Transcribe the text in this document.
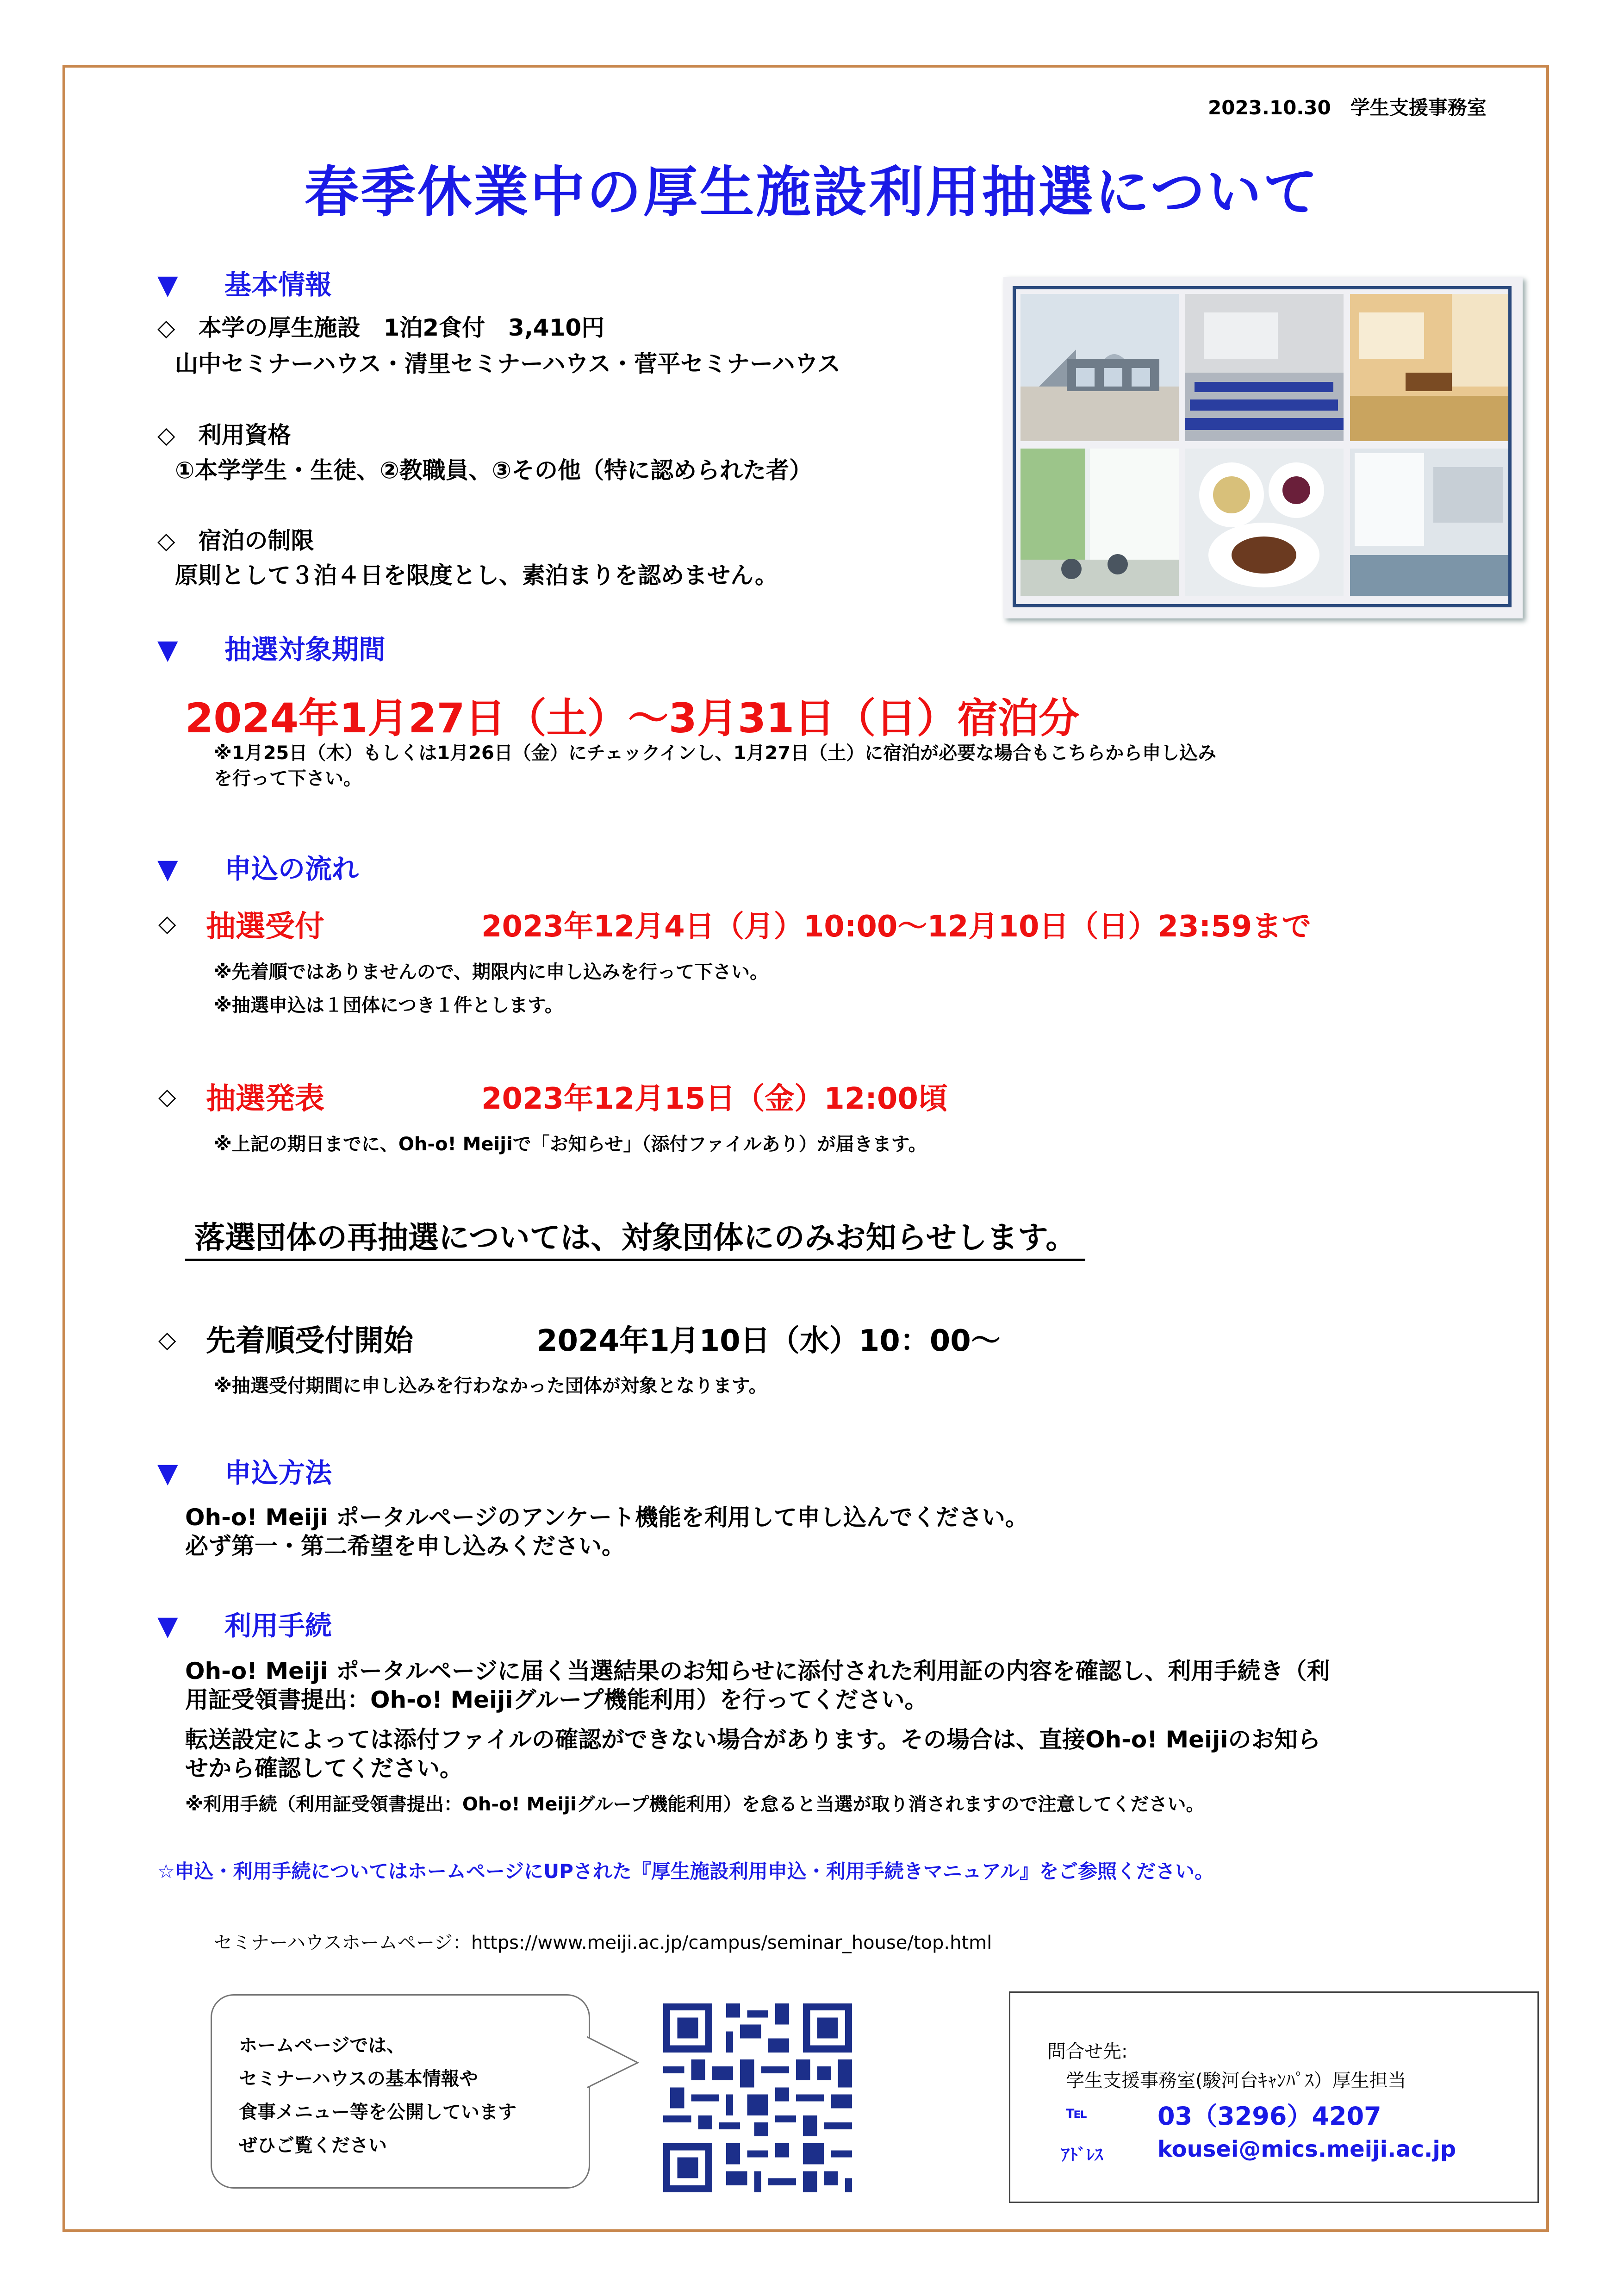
2023.10.30　学生支援事務室
春季休業中の厚生施設利用抽選について
▼ 基本情報
◇　本学の厚生施設　1泊2食付　3,410円
山中セミナーハウス・清里セミナーハウス・菅平セミナーハウス
◇　利用資格
①本学学生・生徒、②教職員、③その他（特に認められた者）
◇　宿泊の制限
原則として３泊４日を限度とし、素泊まりを認めません。
▼ 抽選対象期間
2024年1月27日（土）～3月31日（日）宿泊分
※1月25日（木）もしくは1月26日（金）にチェックインし、1月27日（土）に宿泊が必要な場合もこちらから申し込み
を行って下さい。
▼ 申込の流れ
◇ 抽選受付	2023年12月4日（月）10:00～12月10日（日）23:59まで
※先着順ではありませんので、期限内に申し込みを行って下さい。
※抽選申込は１団体につき１件とします。
◇ 抽選発表	2023年12月15日（金）12:00頃
※上記の期日までに、Oh-o! Meijiで「お知らせ」（添付ファイルあり）が届きます。
落選団体の再抽選については、対象団体にのみお知らせします。
◇ 先着順受付開始	2024年1月10日（水）10：00～
※抽選受付期間に申し込みを行わなかった団体が対象となります。
▼ 申込方法
Oh-o! Meiji ポータルページのアンケート機能を利用して申し込んでください。
必ず第一・第二希望を申し込みください。
▼ 利用手続
Oh-o! Meiji ポータルページに届く当選結果のお知らせに添付された利用証の内容を確認し、利用手続き（利
用証受領書提出：Oh-o! Meijiグループ機能利用）を行ってください。
転送設定によっては添付ファイルの確認ができない場合があります。その場合は、直接Oh-o! Meijiのお知ら
せから確認してください。
※利用手続（利用証受領書提出：Oh-o! Meijiグループ機能利用）を怠ると当選が取り消されますので注意してください。
☆申込・利用手続についてはホームページにUPされた『厚生施設利用申込・利用手続きマニュアル』をご参照ください。
セミナーハウスホームページ：https://www.meiji.ac.jp/campus/seminar_house/top.html
ホームページでは、
セミナーハウスの基本情報や
食事メニュー等を公開しています
ぜひご覧ください
問合せ先:
学生支援事務室(駿河台ｷｬﾝﾊﾟｽ）厚生担当
℡	03（3296）4207
ｱﾄﾞﾚｽ kousei@mics.meiji.ac.jp
